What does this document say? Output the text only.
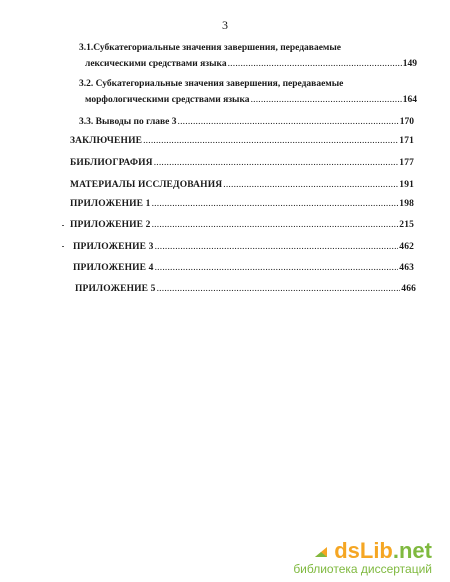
3
3.1.Субкатегориальные значения завершения, передаваемые
лексическими средствами языка .....	149
3.2. Субкатегориальные значения завершения, передаваемые
морфологическими средствами языка .....	164
3.3. Выводы по главе 3 .....	170
ЗАКЛЮЧЕНИЕ .....	171
БИБЛИОГРАФИЯ .....	177
МАТЕРИАЛЫ ИССЛЕДОВАНИЯ .....	191
ПРИЛОЖЕНИЕ 1 .....	198
ПРИЛОЖЕНИЕ 2 .....	215
ПРИЛОЖЕНИЕ 3 .....	462
ПРИЛОЖЕНИЕ 4 .....	463
ПРИЛОЖЕНИЕ 5 .....	466
dsLib.net
библиотека диссертаций
